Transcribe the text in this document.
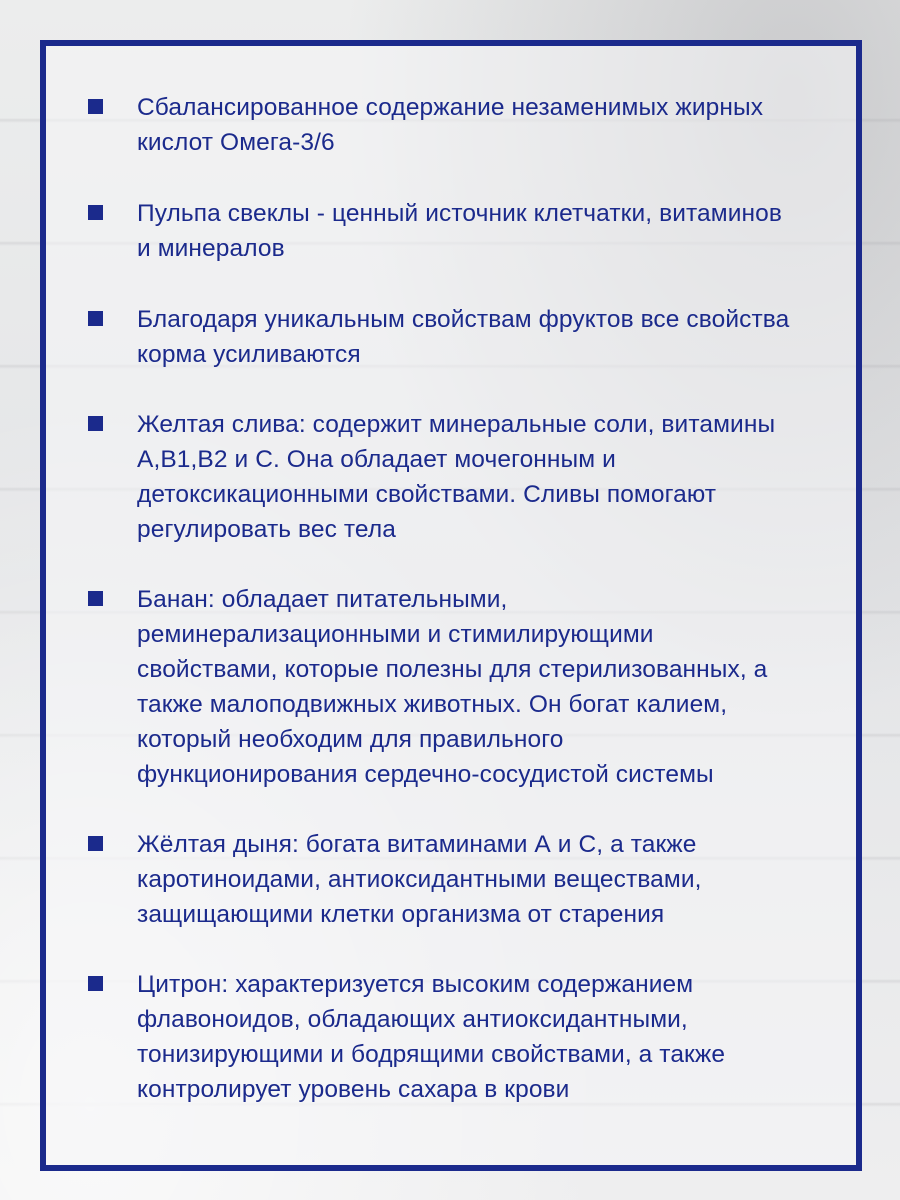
Сбалансированное содержание незаменимых жирных
кислот Омега-3/6
Пульпа свеклы - ценный источник клетчатки, витаминов
и минералов
Благодаря уникальным свойствам фруктов все свойства
корма усиливаются
Желтая слива: содержит минеральные соли, витамины
A,B1,B2 и C. Она обладает мочегонным и
детоксикационными свойствами. Сливы помогают
регулировать вес тела
Банан: обладает питательными,
реминерализационными и стимилирующими
свойствами, которые полезны для стерилизованных, а
также малоподвижных животных. Он богат калием,
который необходим для правильного
функционирования сердечно-сосудистой системы
Жёлтая дыня: богата витаминами А и С, а также
каротиноидами, антиоксидантными веществами,
защищающими клетки организма от старения
Цитрон: характеризуется высоким содержанием
флавоноидов, обладающих антиоксидантными,
тонизирующими и бодрящими свойствами, а также
контролирует уровень сахара в крови
